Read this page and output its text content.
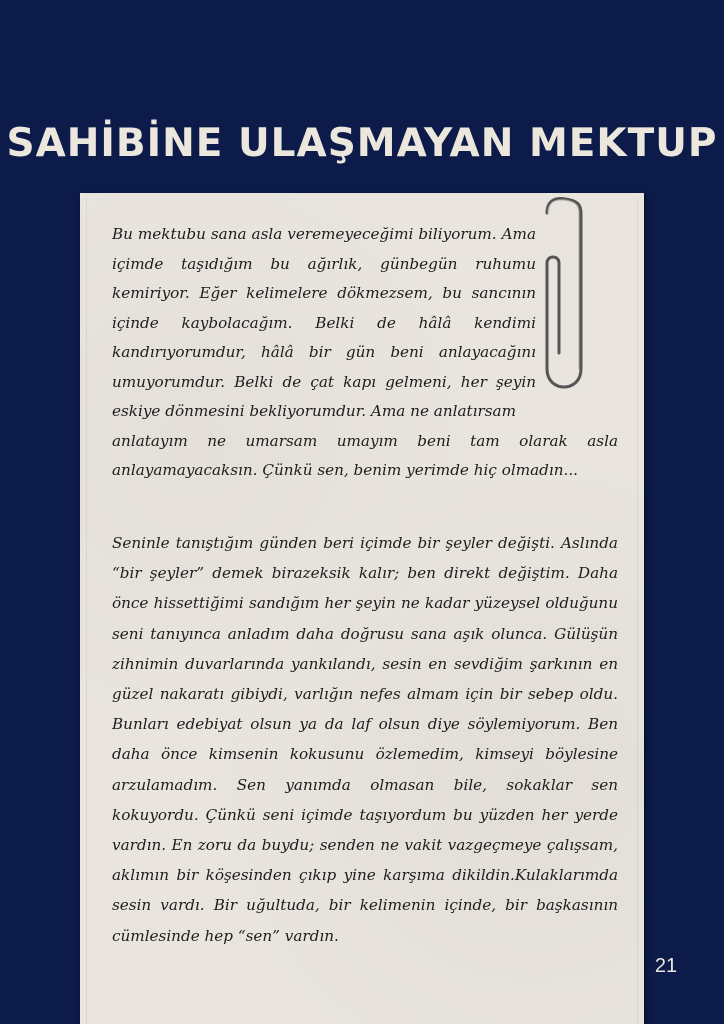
SAHİBİNE ULAŞMAYAN MEKTUP
Bu mektubu sana asla veremeyeceğimi biliyorum. Ama içimde taşıdığım bu ağırlık, günbegün ruhumu kemiriyor. Eğer kelimelere dökmezsem, bu sancının içinde kaybolacağım. Belki de hâlâ kendimi kandırıyorumdur, hâlâ bir gün beni anlayacağını umuyorumdur. Belki de çat kapı gelmeni, her şeyin eskiye dönmesini bekliyorumdur. Ama ne anlatırsam
anlatayım ne umarsam umayım beni tam olarak asla anlayamayacaksın. Çünkü sen, benim yerimde hiç olmadın...
Seninle tanıştığım günden beri içimde bir şeyler değişti. Aslında “bir şeyler” demek birazeksik kalır; ben direkt değiştim. Daha önce hissettiğimi sandığım her şeyin ne kadar yüzeysel olduğunu seni tanıyınca anladım daha doğrusu sana aşık olunca. Gülüşün zihnimin duvarlarında yankılandı, sesin en sevdiğim şarkının en güzel nakaratı gibiydi, varlığın nefes almam için bir sebep oldu. Bunları edebiyat olsun ya da laf olsun diye söylemiyorum. Ben daha önce kimsenin kokusunu özlemedim, kimseyi böylesine arzulamadım. Sen yanımda olmasan bile, sokaklar sen kokuyordu. Çünkü seni içimde taşıyordum bu yüzden her yerde vardın. En zoru da buydu; senden ne vakit vazgeçmeye çalışsam, aklımın bir köşesinden çıkıp yine karşıma dikildin.Kulaklarımda sesin vardı. Bir uğultuda, bir kelimenin içinde, bir başkasının cümlesinde hep “sen” vardın.
21
